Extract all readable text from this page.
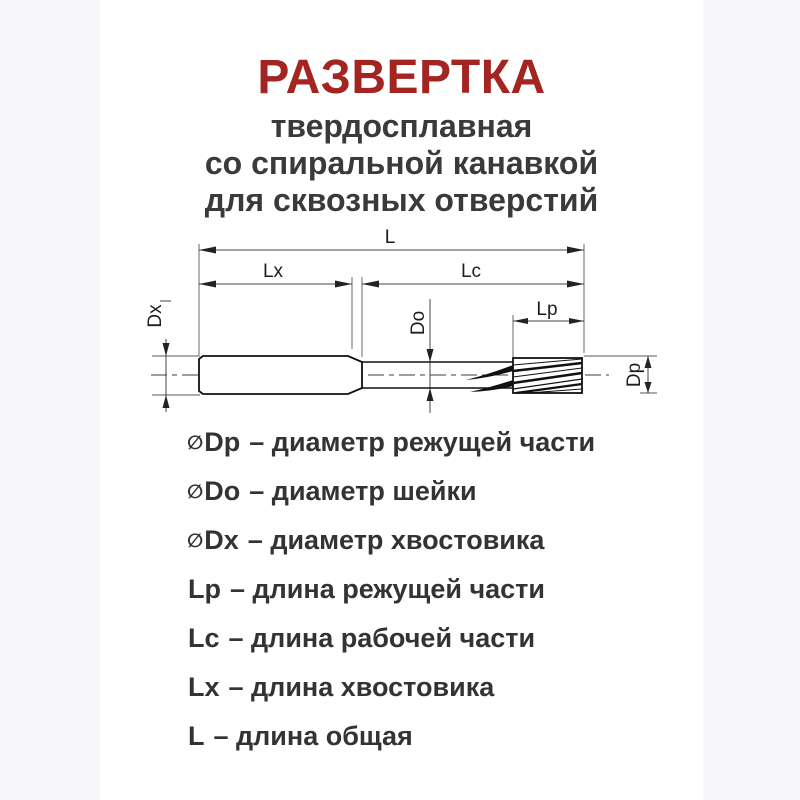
РАЗВЕРТКА
твердосплавная
со спиральной канавкой
для сквозных отверстий
L
Lx	Lc
Lp
Dx	Do
Dp
∅Dp – диаметр режущей части
∅Do – диаметр шейки
∅Dx – диаметр хвостовика
Lp – длина режущей части
Lc – длина рабочей части
Lx – длина хвостовика
L – длина общая
